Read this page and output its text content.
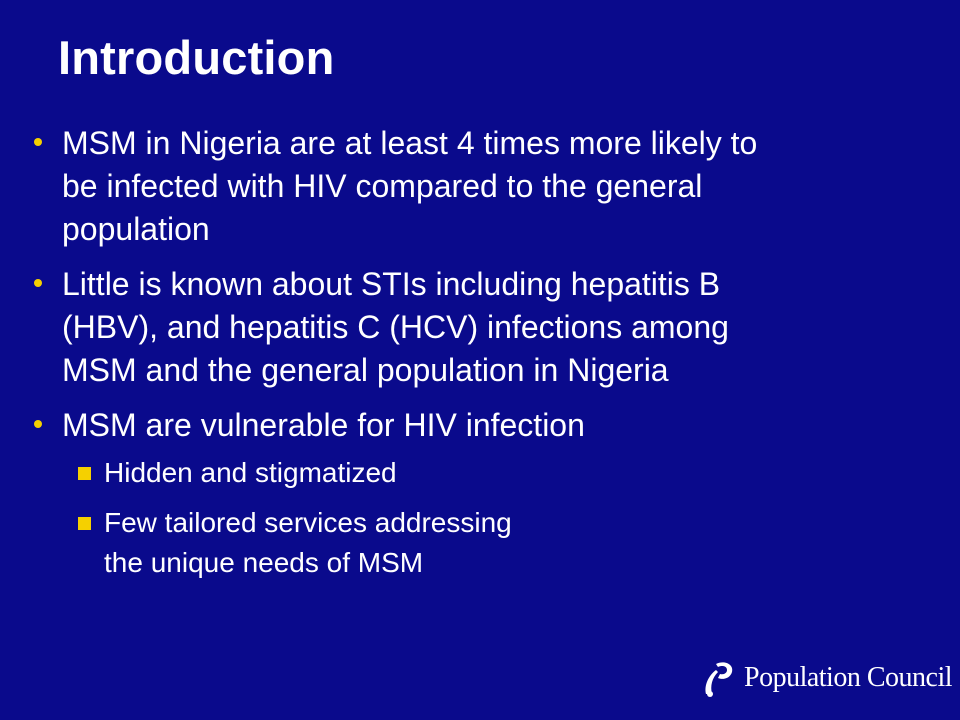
Introduction
MSM in Nigeria are at least 4 times more likely to
be infected with HIV compared to the general
population
Little is known about STIs including hepatitis B
(HBV), and hepatitis C (HCV) infections among
MSM and the general population in Nigeria
MSM are vulnerable for HIV infection
Hidden and stigmatized
Few tailored services addressing
the unique needs of MSM
Population Council
